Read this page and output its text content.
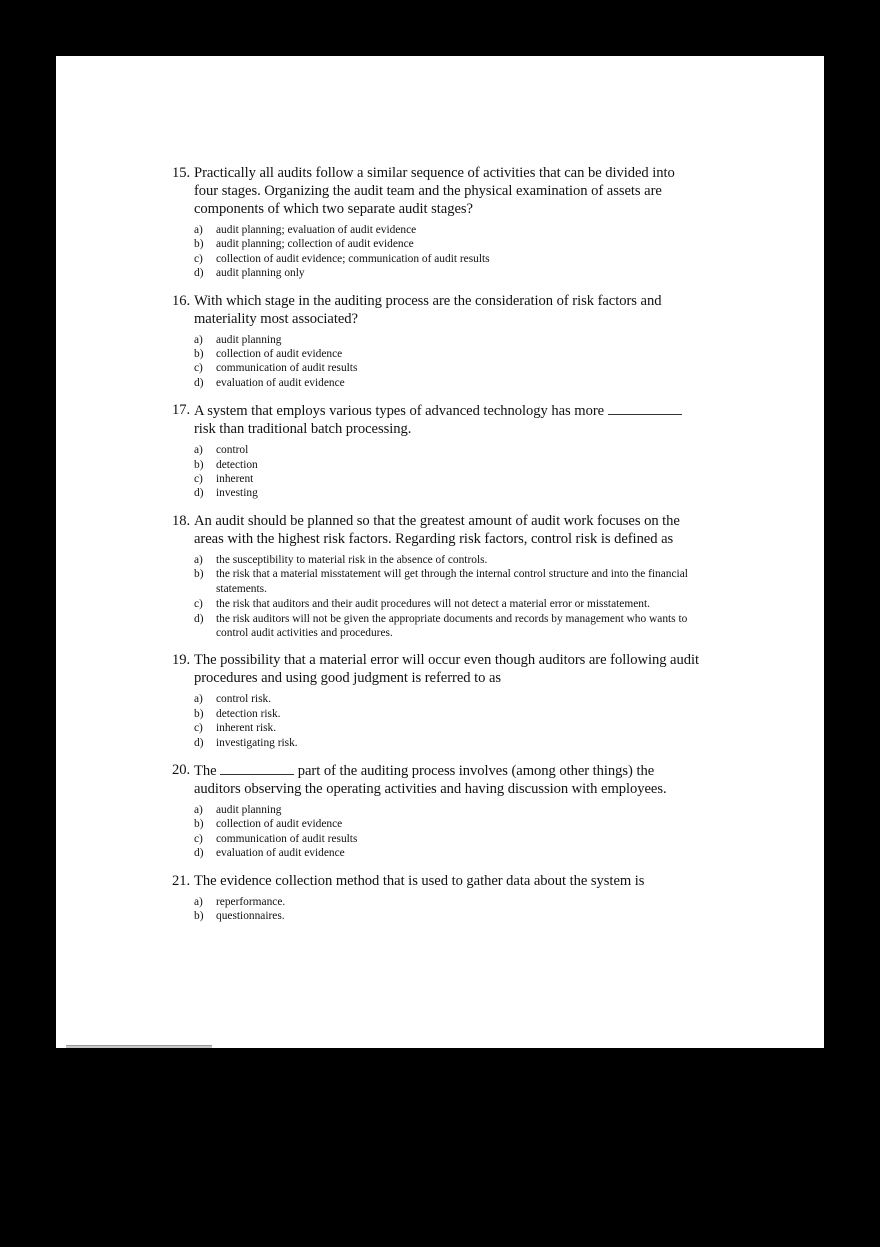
15. Practically all audits follow a similar sequence of activities that can be divided into four stages. Organizing the audit team and the physical examination of assets are components of which two separate audit stages?
a) audit planning; evaluation of audit evidence
b) audit planning; collection of audit evidence
c) collection of audit evidence; communication of audit results
d) audit planning only
16. With which stage in the auditing process are the consideration of risk factors and materiality most associated?
a) audit planning
b) collection of audit evidence
c) communication of audit results
d) evaluation of audit evidence
17. A system that employs various types of advanced technology has more  risk than traditional batch processing.
a) control
b) detection
c) inherent
d) investing
18. An audit should be planned so that the greatest amount of audit work focuses on the areas with the highest risk factors. Regarding risk factors, control risk is defined as
a) the susceptibility to material risk in the absence of controls.
b) the risk that a material misstatement will get through the internal control structure and into the financial statements.
c) the risk that auditors and their audit procedures will not detect a material error or misstatement.
d) the risk auditors will not be given the appropriate documents and records by management who wants to control audit activities and procedures.
19. The possibility that a material error will occur even though auditors are following audit procedures and using good judgment is referred to as
a) control risk.
b) detection risk.
c) inherent risk.
d) investigating risk.
20. The	part of the auditing process involves (among other things) the auditors observing the operating activities and having discussion with employees.
a) audit planning
b) collection of audit evidence
c) communication of audit results
d) evaluation of audit evidence
21. The evidence collection method that is used to gather data about the system is
a) reperformance.
b) questionnaires.
